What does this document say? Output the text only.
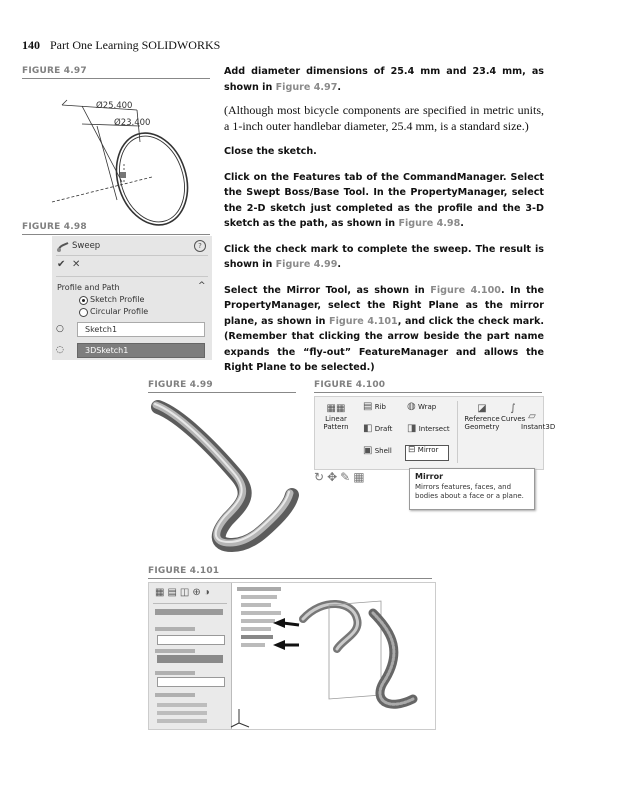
140 Part One Learning SOLIDWORKS
FIGURE 4.97
Ø25.400
Ø23.400
FIGURE 4.98
Sweep	?
✔ ✕
Profile and Path	^
Sketch Profile
Circular Profile
○	Sketch1
◌	3DSketch1
Add diameter dimensions of 25.4 mm and 23.4 mm, as shown in Figure 4.97.
(Although most bicycle components are specified in metric units, a 1-inch outer handlebar diameter, 25.4 mm, is a standard size.)
Close the sketch.
Click on the Features tab of the CommandManager. Select the Swept Boss/Base Tool. In the PropertyManager, select the 2-D sketch just completed as the profile and the 3-D sketch as the path, as shown in Figure 4.98.
Click the check mark to complete the sweep. The result is shown in Figure 4.99.
Select the Mirror Tool, as shown in Figure 4.100. In the PropertyManager, select the Right Plane as the mirror plane, as shown in Figure 4.101, and click the check mark. (Remember that clicking the arrow beside the part name expands the “fly-out” FeatureManager and allows the Right Plane to be selected.)
FIGURE 4.99	FIGURE 4.100
▦▦
Linear
Pattern
▤ Rib	◍ Wrap
◧ Draft	◨ Intersect
▣ Shell	⊟ Mirror
◪
Reference
Geometry
∫
Curves ▱
Instant3D
↻ ✥ ✎ ▦	Mirror
Mirrors features, faces, and bodies about a face or a plane.
FIGURE 4.101
▦▤◫⊕◑
